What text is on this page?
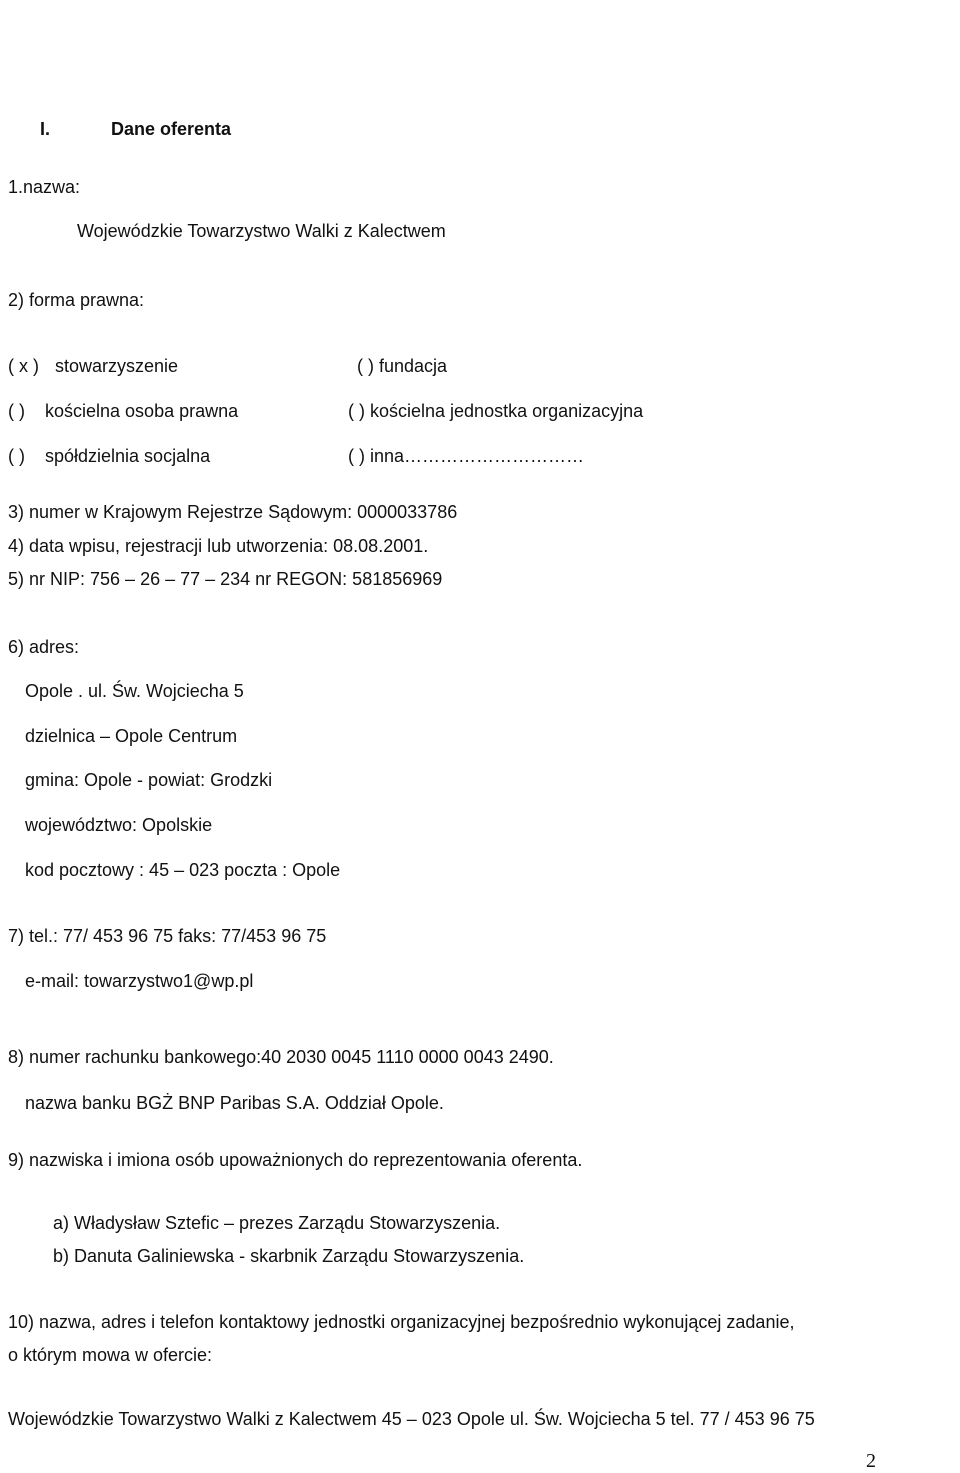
I.	Dane oferenta
1.nazwa:
Wojewódzkie Towarzystwo Walki z Kalectwem
2) forma prawna:
( x ) stowarzyszenie
( ) kościelna osoba prawna
( ) spółdzielnia socjalna
( ) fundacja
( ) kościelna jednostka organizacyjna
( ) inna…………………………
3) numer w Krajowym Rejestrze Sądowym: 0000033786
4) data wpisu, rejestracji lub utworzenia: 08.08.2001.
5) nr NIP: 756 – 26 – 77 – 234 nr REGON: 581856969
6) adres:
Opole . ul. Św. Wojciecha 5
dzielnica – Opole Centrum
gmina: Opole - powiat: Grodzki
województwo: Opolskie
kod pocztowy : 45 – 023 poczta : Opole
7) tel.: 77/ 453 96 75 faks: 77/453 96 75
e-mail: towarzystwo1@wp.pl
8) numer rachunku bankowego:40 2030 0045 1110 0000 0043 2490.
nazwa banku BGŻ BNP Paribas S.A. Oddział Opole.
9) nazwiska i imiona osób upoważnionych do reprezentowania oferenta.
a) Władysław Sztefic – prezes Zarządu Stowarzyszenia.
b) Danuta Galiniewska - skarbnik Zarządu Stowarzyszenia.
10) nazwa, adres i telefon kontaktowy jednostki organizacyjnej bezpośrednio wykonującej zadanie,
o którym mowa w ofercie:
Wojewódzkie Towarzystwo Walki z Kalectwem 45 – 023 Opole ul. Św. Wojciecha 5 tel. 77 / 453 96 75
2
